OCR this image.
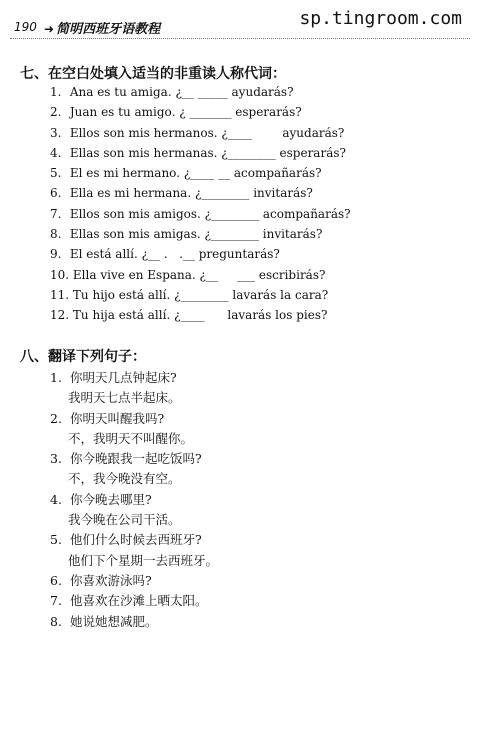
190 ➜ 简明西班牙语教程
sp.tingroom.com
七、在空白处填入适当的非重读人称代词：
1. Ana es tu amiga. ¿__ _____ ayudarás?
2. Juan es tu amigo. ¿ _______ esperarás?
3. Ellos son mis hermanos. ¿____        ayudarás?
4. Ellas son mis hermanas. ¿________ esperarás?
5. El es mi hermano. ¿____ __ acompañarás?
6. Ella es mi hermana. ¿________ invitarás?
7. Ellos son mis amigos. ¿________ acompañarás?
8. Ellas son mis amigas. ¿________ invitarás?
9. El está allí. ¿__ .   .__ preguntarás?
10. Ella vive en Espana. ¿__     ___ escribirás?
11. Tu hijo está allí. ¿________ lavarás la cara?
12. Tu hija está allí. ¿____      lavarás los pies?
八、翻译下列句子：
1. 你明天几点钟起床?
我明天七点半起床。
2. 你明天叫醒我吗?
不，我明天不叫醒你。
3. 你今晚跟我一起吃饭吗?
不，我今晚没有空。
4. 你今晚去哪里?
我今晚在公司干活。
5. 他们什么时候去西班牙?
他们下个星期一去西班牙。
6. 你喜欢游泳吗?
7. 他喜欢在沙滩上晒太阳。
8. 她说她想减肥。
